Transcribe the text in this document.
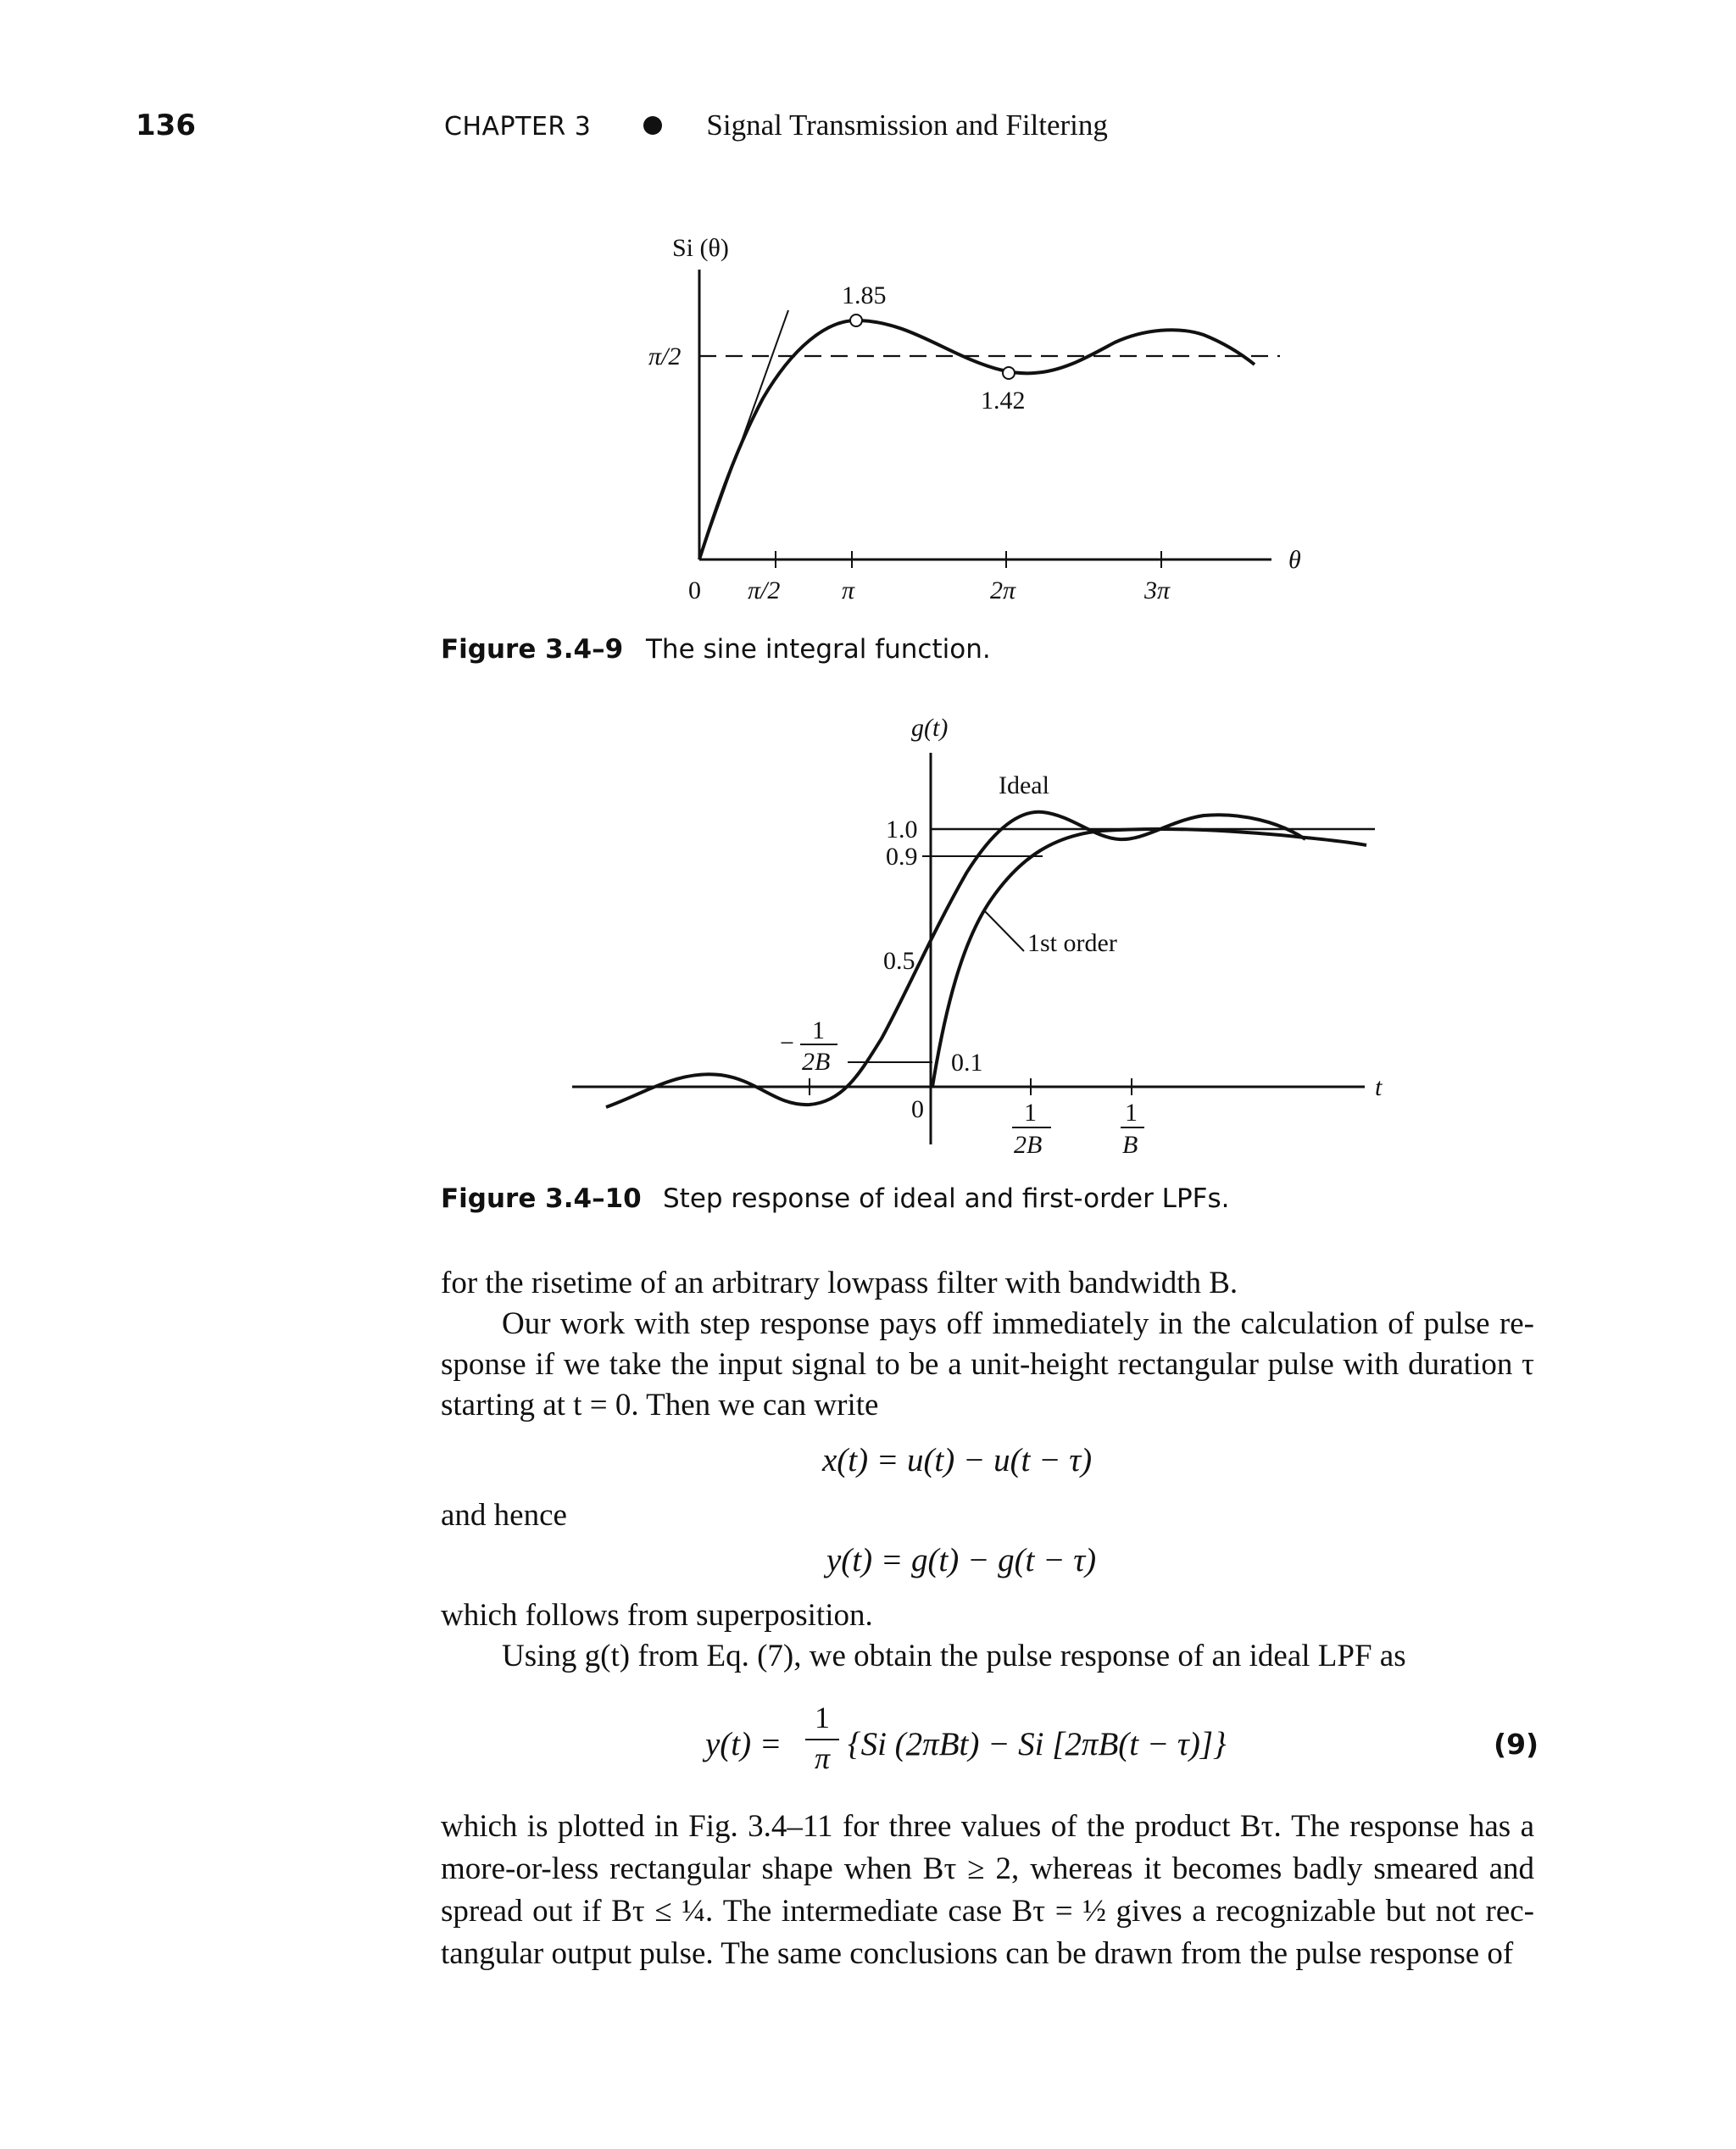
136	CHAPTER 3	Signal Transmission and Filtering
Si (θ)
1.85
1.42
π/2
0 π/2 π	2π	3π
θ
g(t)
Ideal
1.0
0.9
0.5
0.1
1st order
0
t
− 1
2B
1
2B
1
B
Figure 3.4–9 The sine integral function.
Figure 3.4–10 Step response of ideal and first-order LPFs.

for the risetime of an arbitrary lowpass filter with bandwidth B.

Our work with step response pays off immediately in the calculation of pulse re-sponse if we take the input signal to be a unit-height rectangular pulse with duration τ starting at t = 0. Then we can write

x(t) = u(t) − u(t − τ)
and hence
y(t) = g(t) − g(t − τ)

which follows from superposition.

Using g(t) from Eq. (7), we obtain the pulse response of an ideal LPF as

y(t) =
1
π {Si (2πBt) − Si [2πB(t − τ)]}	(9)
which is plotted in Fig. 3.4–11 for three values of the product Bτ. The response has a more-or-less rectangular shape when Bτ ≥ 2, whereas it becomes badly smeared and spread out if Bτ ≤ ¼. The intermediate case Bτ = ½ gives a recognizable but not rec-tangular output pulse. The same conclusions can be drawn from the pulse response of
